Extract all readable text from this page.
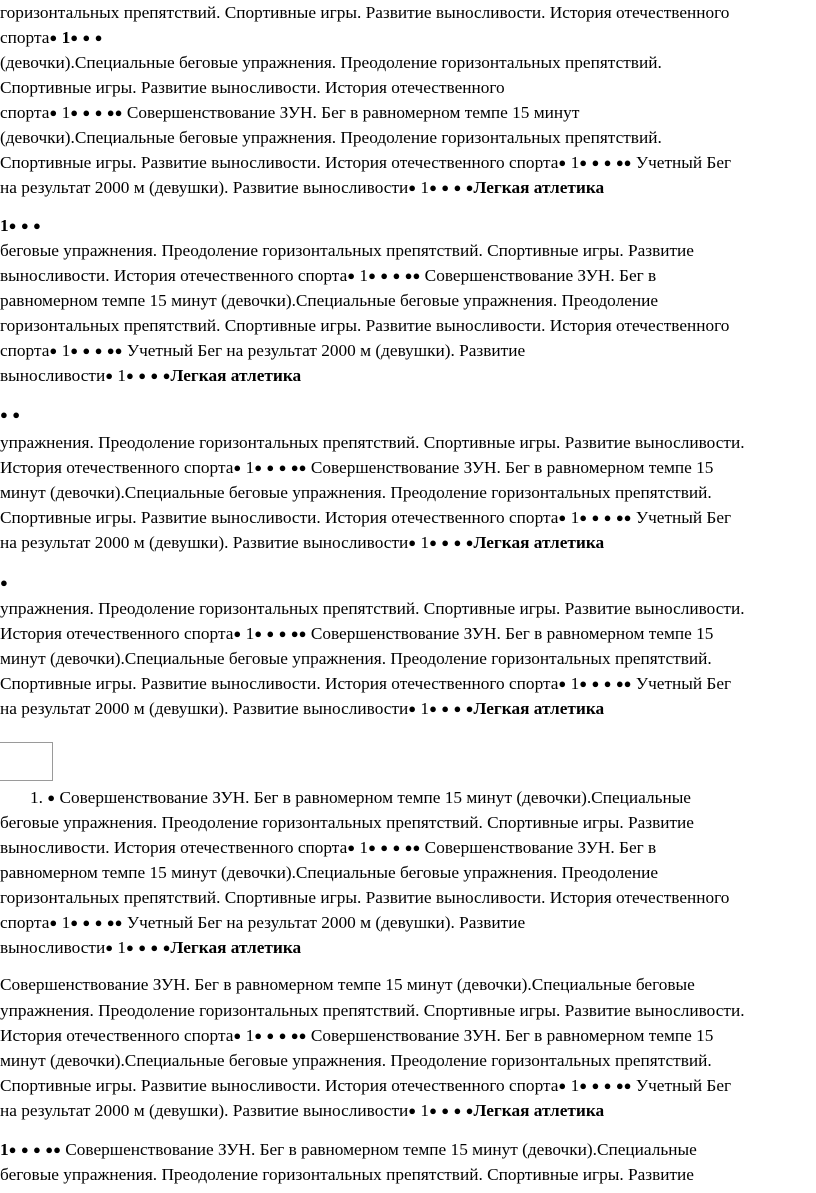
горизонтальных препятствий. Спортивные игры. Развитие выносливости. История отечественного
спорта● 1● ● ●
(девочки).Специальные беговые упражнения. Преодоление горизонтальных препятствий.
Спортивные игры. Развитие выносливости. История отечественного
спорта● 1● ● ● ●● Совершенствование ЗУН. Бег в равномерном темпе 15 минут
(девочки).Специальные беговые упражнения. Преодоление горизонтальных препятствий.
Спортивные игры. Развитие выносливости. История отечественного спорта● 1● ● ● ●● Учетный Бег
на результат 2000 м (девушки). Развитие выносливости● 1● ● ● ●Легкая атлетика
1● ● ●
беговые упражнения. Преодоление горизонтальных препятствий. Спортивные игры. Развитие
выносливости. История отечественного спорта● 1● ● ● ●● Совершенствование ЗУН. Бег в
равномерном темпе 15 минут (девочки).Специальные беговые упражнения. Преодоление
горизонтальных препятствий. Спортивные игры. Развитие выносливости. История отечественного
спорта● 1● ● ● ●● Учетный Бег на результат 2000 м (девушки). Развитие
выносливости● 1● ● ● ●Легкая атлетика
● ●
упражнения. Преодоление горизонтальных препятствий. Спортивные игры. Развитие выносливости.
История отечественного спорта● 1● ● ● ●● Совершенствование ЗУН. Бег в равномерном темпе 15
минут (девочки).Специальные беговые упражнения. Преодоление горизонтальных препятствий.
Спортивные игры. Развитие выносливости. История отечественного спорта● 1● ● ● ●● Учетный Бег
на результат 2000 м (девушки). Развитие выносливости● 1● ● ● ●Легкая атлетика
●
упражнения. Преодоление горизонтальных препятствий. Спортивные игры. Развитие выносливости.
История отечественного спорта● 1● ● ● ●● Совершенствование ЗУН. Бег в равномерном темпе 15
минут (девочки).Специальные беговые упражнения. Преодоление горизонтальных препятствий.
Спортивные игры. Развитие выносливости. История отечественного спорта● 1● ● ● ●● Учетный Бег
на результат 2000 м (девушки). Развитие выносливости● 1● ● ● ●Легкая атлетика
1. ● Совершенствование ЗУН. Бег в равномерном темпе 15 минут (девочки).Специальные
беговые упражнения. Преодоление горизонтальных препятствий. Спортивные игры. Развитие
выносливости. История отечественного спорта● 1● ● ● ●● Совершенствование ЗУН. Бег в
равномерном темпе 15 минут (девочки).Специальные беговые упражнения. Преодоление
горизонтальных препятствий. Спортивные игры. Развитие выносливости. История отечественного
спорта● 1● ● ● ●● Учетный Бег на результат 2000 м (девушки). Развитие
выносливости● 1● ● ● ●Легкая атлетика
Совершенствование ЗУН. Бег в равномерном темпе 15 минут (девочки).Специальные беговые
упражнения. Преодоление горизонтальных препятствий. Спортивные игры. Развитие выносливости.
История отечественного спорта● 1● ● ● ●● Совершенствование ЗУН. Бег в равномерном темпе 15
минут (девочки).Специальные беговые упражнения. Преодоление горизонтальных препятствий.
Спортивные игры. Развитие выносливости. История отечественного спорта● 1● ● ● ●● Учетный Бег
на результат 2000 м (девушки). Развитие выносливости● 1● ● ● ●Легкая атлетика
1● ● ● ●● Совершенствование ЗУН. Бег в равномерном темпе 15 минут (девочки).Специальные
беговые упражнения. Преодоление горизонтальных препятствий. Спортивные игры. Развитие
